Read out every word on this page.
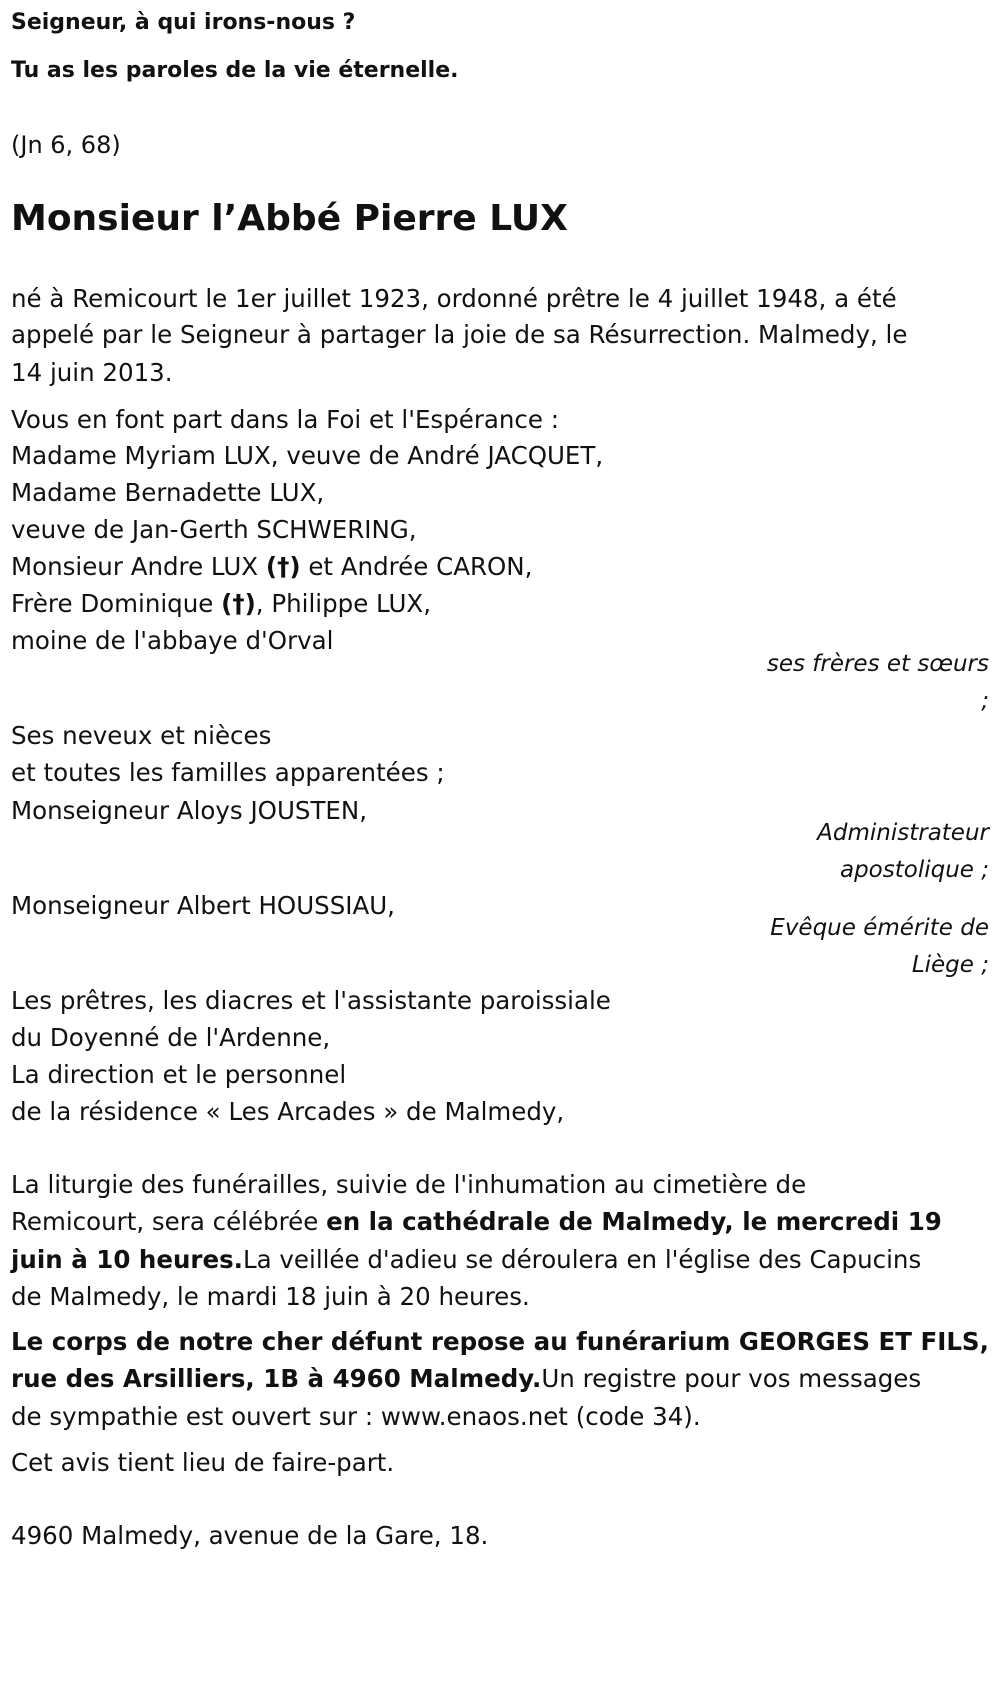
Seigneur, à qui irons-nous ?
Tu as les paroles de la vie éternelle.
(Jn 6, 68)
Monsieur l’Abbé Pierre LUX
né à Remicourt le 1er juillet 1923, ordonné prêtre le 4 juillet 1948, a été
appelé par le Seigneur à partager la joie de sa Résurrection. Malmedy, le
14 juin 2013.
Vous en font part dans la Foi et l'Espérance :
Madame Myriam LUX, veuve de André JACQUET,
Madame Bernadette LUX,
veuve de Jan-Gerth SCHWERING,
Monsieur Andre LUX (†) et Andrée CARON,
Frère Dominique (†), Philippe LUX,
moine de l'abbaye d'Orval
ses frères et sœurs
;
Ses neveux et nièces
et toutes les familles apparentées ;
Monseigneur Aloys JOUSTEN,
Administrateur
apostolique ;
Monseigneur Albert HOUSSIAU,
Evêque émérite de
Liège ;
Les prêtres, les diacres et l'assistante paroissiale
du Doyenné de l'Ardenne,
La direction et le personnel
de la résidence « Les Arcades » de Malmedy,
La liturgie des funérailles, suivie de l'inhumation au cimetière de
Remicourt, sera célébrée en la cathédrale de Malmedy, le mercredi 19
juin à 10 heures.La veillée d'adieu se déroulera en l'église des Capucins
de Malmedy, le mardi 18 juin à 20 heures.
Le corps de notre cher défunt repose au funérarium GEORGES ET FILS,
rue des Arsilliers, 1B à 4960 Malmedy.Un registre pour vos messages
de sympathie est ouvert sur : www.enaos.net (code 34).
Cet avis tient lieu de faire-part.
4960 Malmedy, avenue de la Gare, 18.
